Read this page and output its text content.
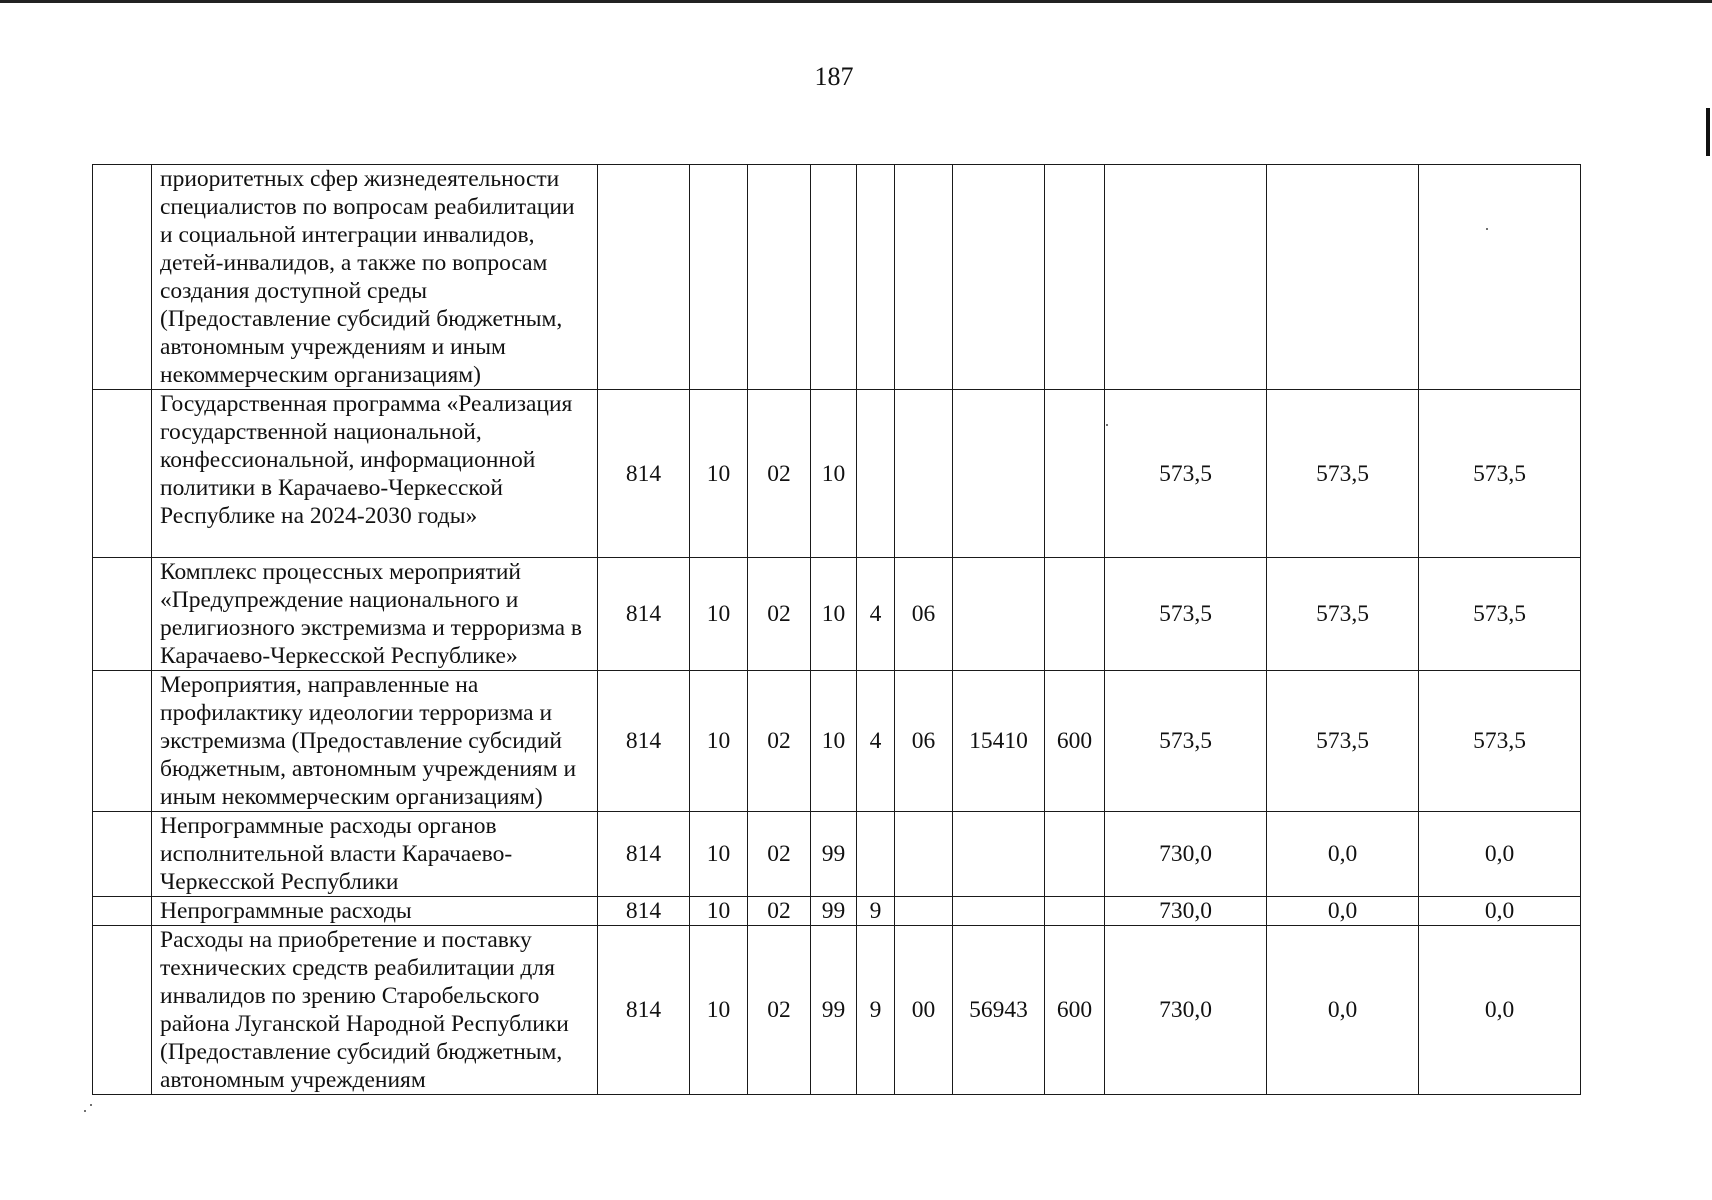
187
	приоритетных сфер жизнедеятельности специалистов по вопросам реабилитации и социальной интеграции инвалидов, детей-инвалидов, а также по вопросам создания доступной среды (Предоставление субсидий бюджетным, автономным учреждениям и иным некоммерческим организациям)											
	Государственная программа «Реализация государственной национальной, конфессиональной, информационной политики в Карачаево-Черкесской Республике на 2024-2030 годы»	814	10	02	10					573,5	573,5	573,5
	Комплекс процессных мероприятий «Предупреждение национального и религиозного экстремизма и терроризма в Карачаево-Черкесской Республике»	814	10	02	10	4	06			573,5	573,5	573,5
	Мероприятия, направленные на профилактику идеологии терроризма и экстремизма (Предоставление субсидий бюджетным, автономным учреждениям и иным некоммерческим организациям)	814	10	02	10	4	06	15410	600	573,5	573,5	573,5
	Непрограммные расходы органов исполнительной власти Карачаево-Черкесской Республики	814	10	02	99					730,0	0,0	0,0
	Непрограммные расходы	814	10	02	99	9				730,0	0,0	0,0
	Расходы на приобретение и поставку технических средств реабилитации для инвалидов по зрению Старобельского района Луганской Народной Республики (Предоставление субсидий бюджетным, автономным учреждениям	814	10	02	99	9	00	56943	600	730,0	0,0	0,0
